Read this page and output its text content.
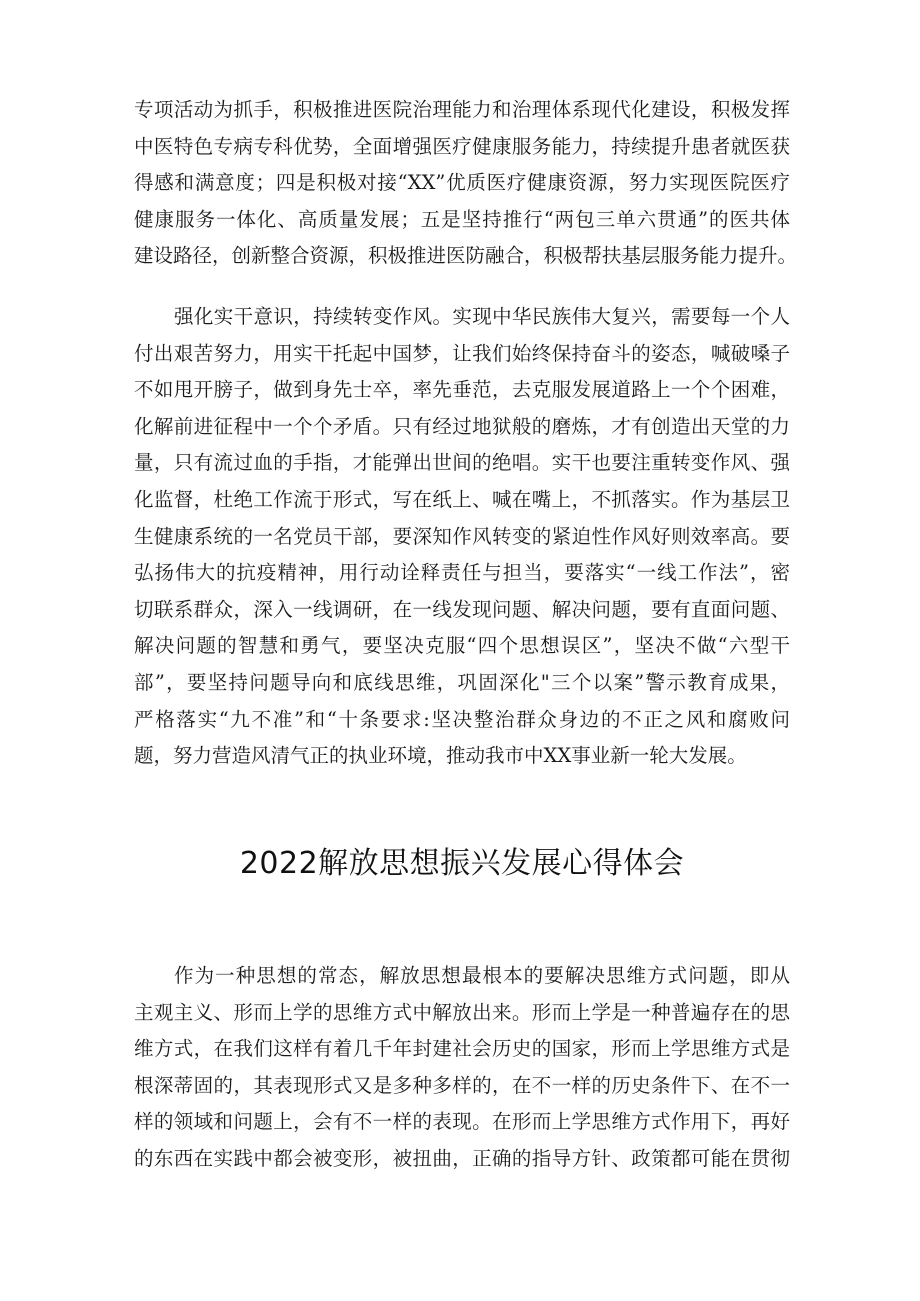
专项活动为抓手，积极推进医院治理能力和治理体系现代化建设，积极发挥
中医特色专病专科优势，全面增强医疗健康服务能力，持续提升患者就医获
得感和满意度；四是积极对接“XX”优质医疗健康资源，努力实现医院医疗
健康服务一体化、高质量发展；五是坚持推行“两包三单六贯通”的医共体
建设路径，创新整合资源，积极推进医防融合，积极帮扶基层服务能力提升。
强化实干意识，持续转变作风。实现中华民族伟大复兴，需要每一个人
付出艰苦努力，用实干托起中国梦，让我们始终保持奋斗的姿态，喊破嗓子
不如甩开膀子，做到身先士卒，率先垂范，去克服发展道路上一个个困难，
化解前进征程中一个个矛盾。只有经过地狱般的磨炼，才有创造出天堂的力
量，只有流过血的手指，才能弹出世间的绝唱。实干也要注重转变作风、强
化监督，杜绝工作流于形式，写在纸上、喊在嘴上，不抓落实。作为基层卫
生健康系统的一名党员干部，要深知作风转变的紧迫性作风好则效率高。要
弘扬伟大的抗疫精神，用行动诠释责任与担当，要落实“一线工作法”，密
切联系群众，深入一线调研，在一线发现问题、解决问题，要有直面问题、
解决问题的智慧和勇气，要坚决克服“四个思想误区”，坚决不做“六型干
部”，要坚持问题导向和底线思维，巩固深化"三个以案”警示教育成果，
严格落实“九不准”和“十条要求:坚决整治群众身边的不正之风和腐败问
题，努力营造风清气正的执业环境，推动我市中XX事业新一轮大发展。
2022解放思想振兴发展心得体会
作为一种思想的常态，解放思想最根本的要解决思维方式问题，即从
主观主义、形而上学的思维方式中解放出来。形而上学是一种普遍存在的思
维方式，在我们这样有着几千年封建社会历史的国家，形而上学思维方式是
根深蒂固的，其表现形式又是多种多样的，在不一样的历史条件下、在不一
样的领域和问题上，会有不一样的表现。在形而上学思维方式作用下，再好
的东西在实践中都会被变形，被扭曲，正确的指导方针、政策都可能在贯彻
